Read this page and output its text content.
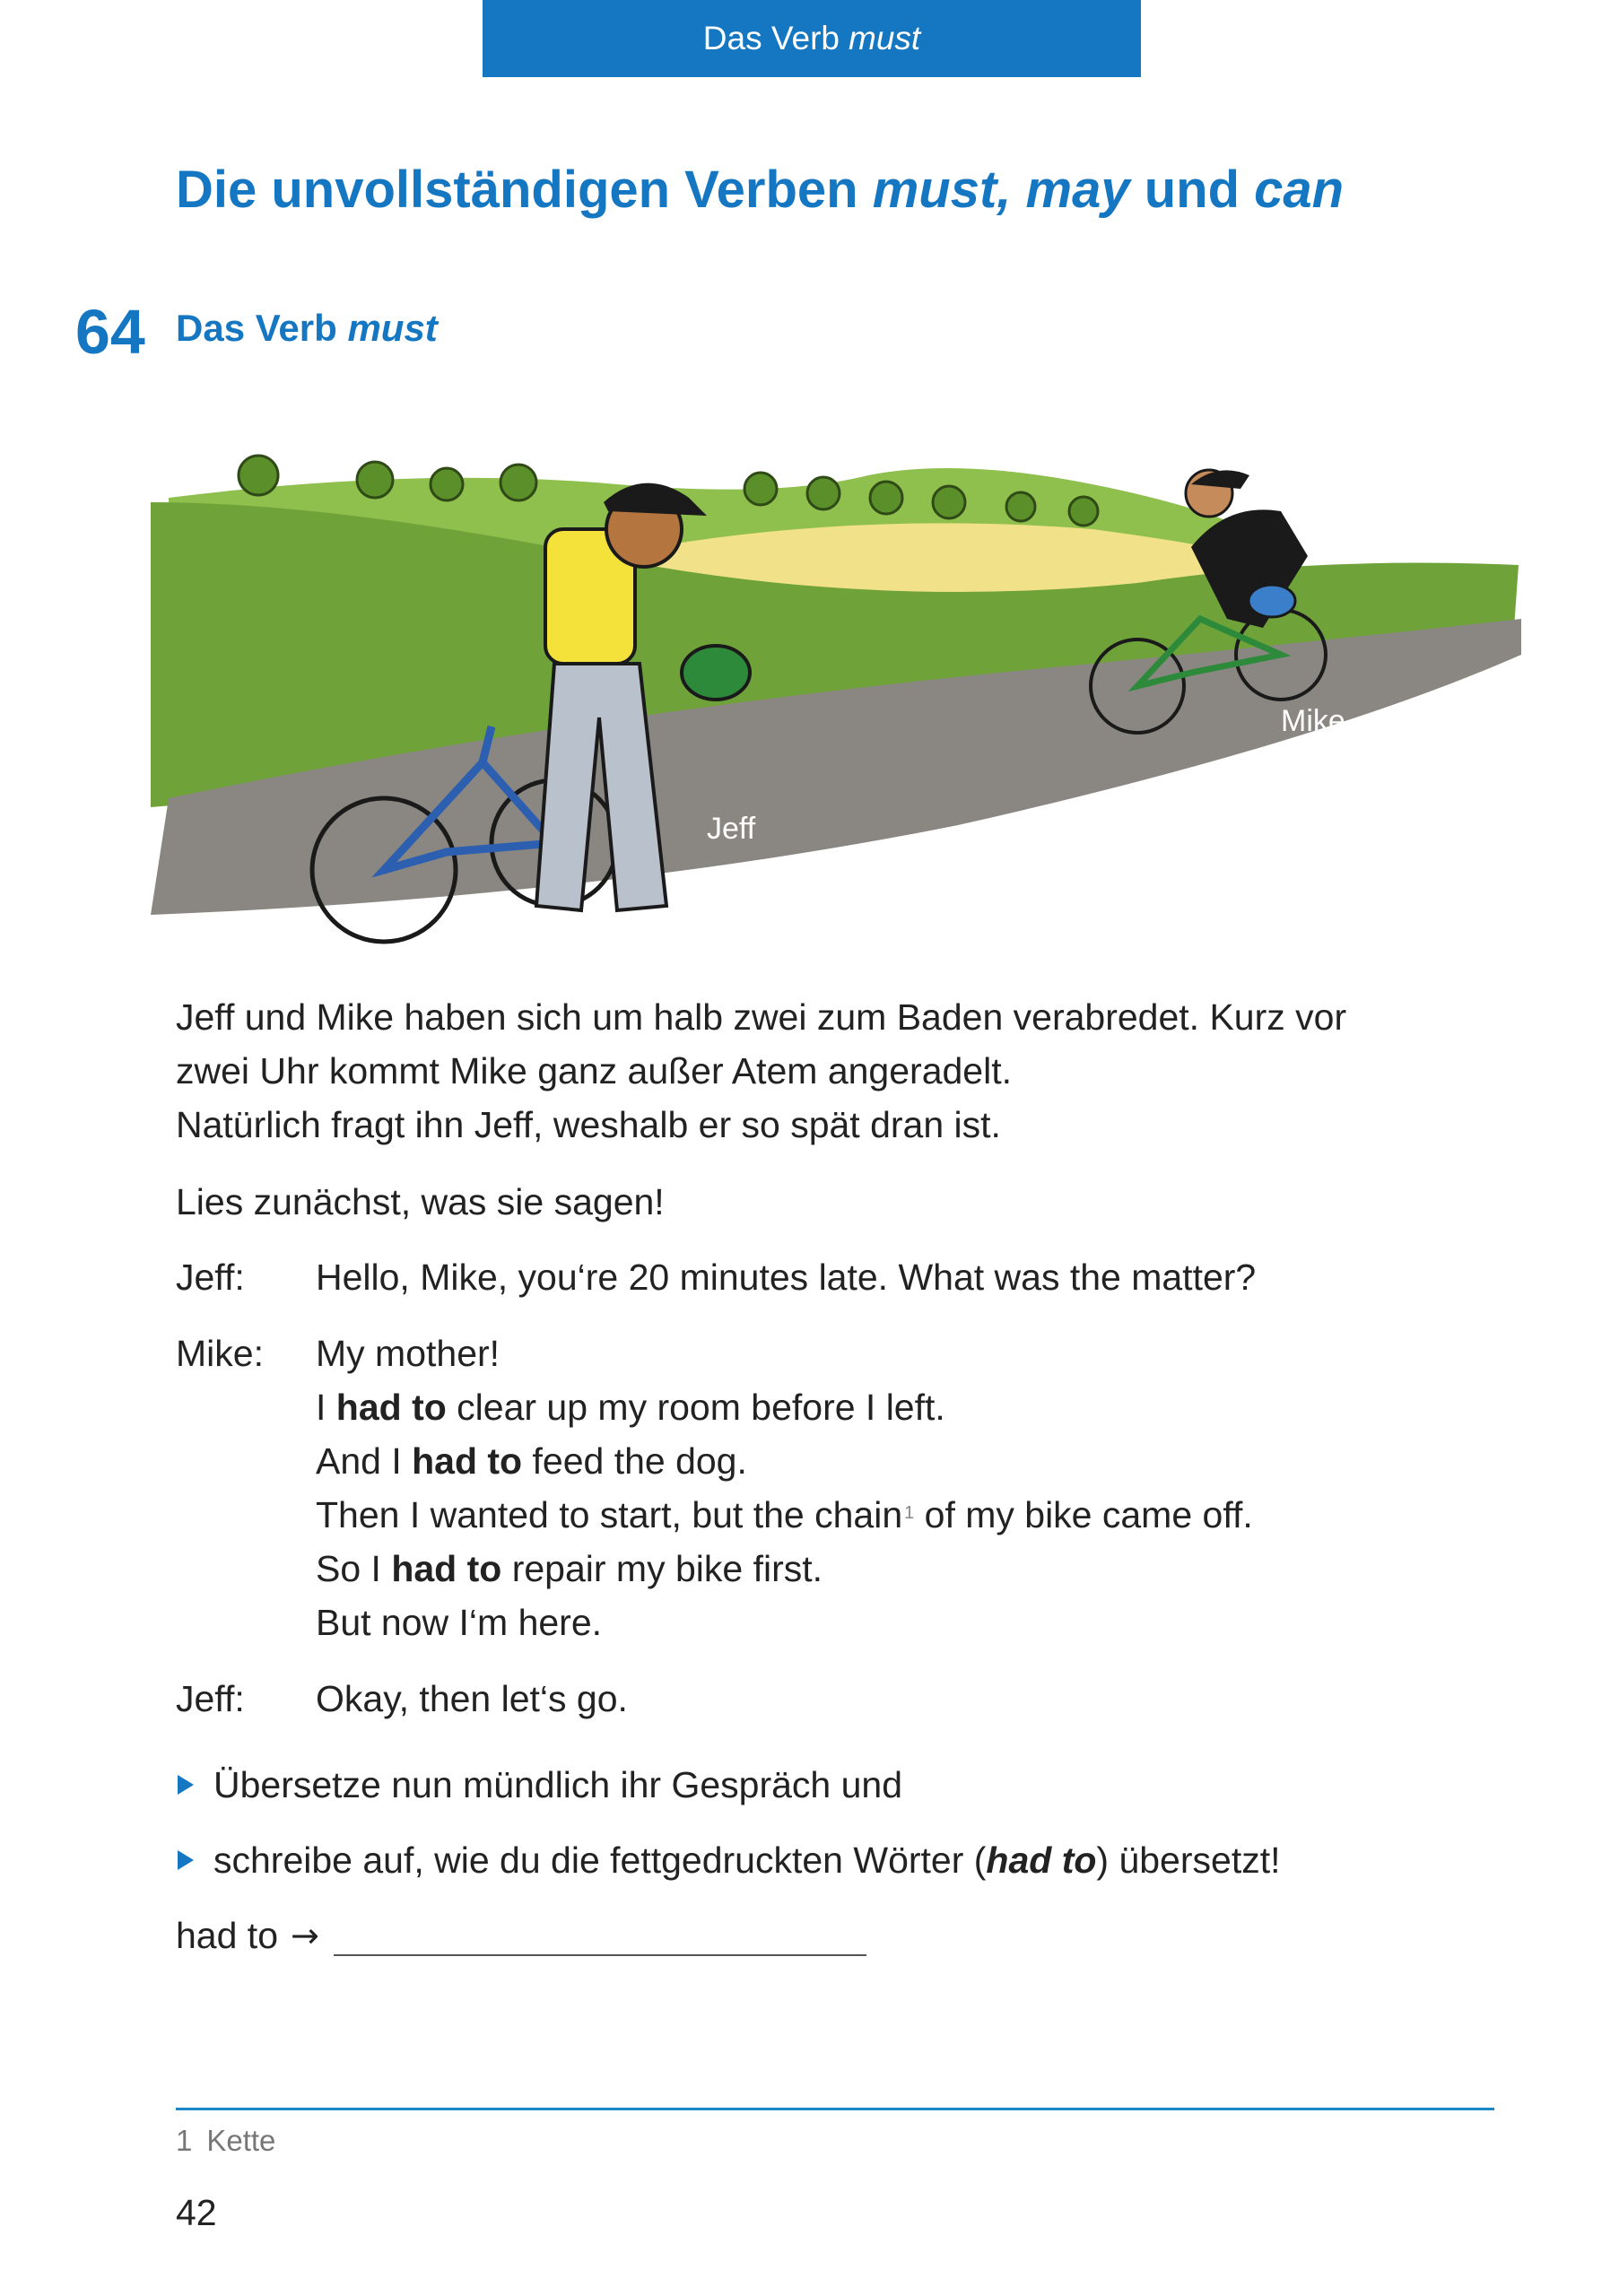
Das Verb must
Die unvollständigen Verben must, may und can
64 Das Verb must
Mike
Jeff
Jeff und Mike haben sich um halb zwei zum Baden verabredet. Kurz vor
zwei Uhr kommt Mike ganz außer Atem angeradelt.
Natürlich fragt ihn Jeff, weshalb er so spät dran ist.
Lies zunächst, was sie sagen!
Jeff:	Hello, Mike, you‘re 20 minutes late. What was the matter?
Mike:	My mother!
I had to clear up my room before I left.
And I had to feed the dog.
Then I wanted to start, but the chain $^1$ of my bike came off.
So I had to repair my bike first.
But now I‘m here.
Jeff:	Okay, then let‘s go.
Übersetze nun mündlich ihr Gespräch und
schreibe auf, wie du die fettgedruckten Wörter (had to) übersetzt!
had to →
1 Kette
42
